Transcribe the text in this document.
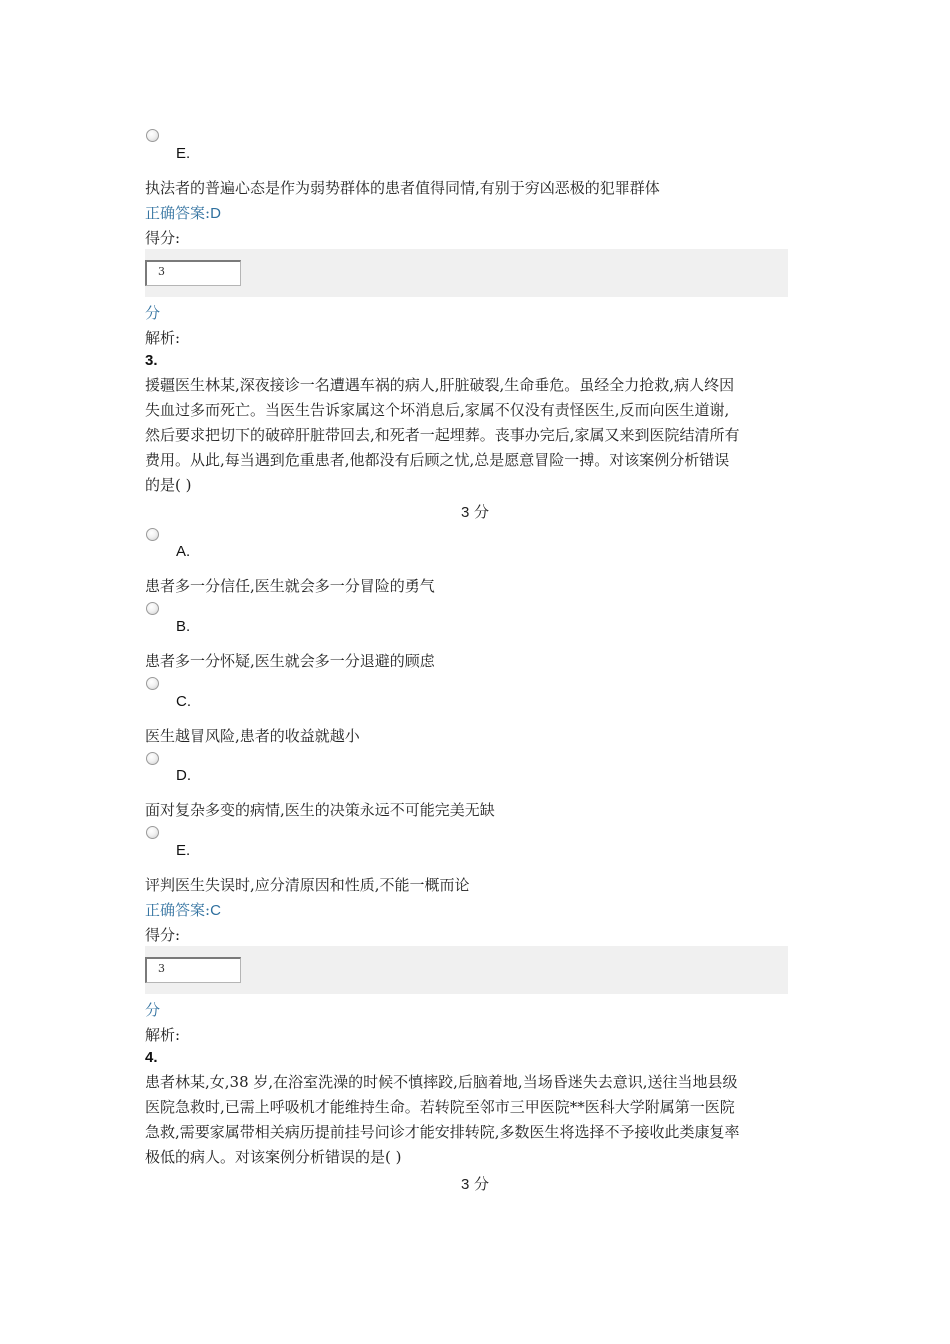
E.
执法者的普遍心态是作为弱势群体的患者值得同情,有别于穷凶恶极的犯罪群体
正确答案:D
得分:
3
分
解析:
3.
援疆医生林某,深夜接诊一名遭遇车祸的病人,肝脏破裂,生命垂危。虽经全力抢救,病人终因
失血过多而死亡。当医生告诉家属这个坏消息后,家属不仅没有责怪医生,反而向医生道谢,
然后要求把切下的破碎肝脏带回去,和死者一起埋葬。丧事办完后,家属又来到医院结清所有
费用。从此,每当遇到危重患者,他都没有后顾之忧,总是愿意冒险一搏。对该案例分析错误
的是( )
3 分
A.
患者多一分信任,医生就会多一分冒险的勇气
B.
患者多一分怀疑,医生就会多一分退避的顾虑
C.
医生越冒风险,患者的收益就越小
D.
面对复杂多变的病情,医生的决策永远不可能完美无缺
E.
评判医生失误时,应分清原因和性质,不能一概而论
正确答案:C
得分:
3
分
解析:
4.
患者林某,女,38 岁,在浴室洗澡的时候不慎摔跤,后脑着地,当场昏迷失去意识,送往当地县级
医院急救时,已需上呼吸机才能维持生命。若转院至邻市三甲医院**医科大学附属第一医院
急救,需要家属带相关病历提前挂号问诊才能安排转院,多数医生将选择不予接收此类康复率
极低的病人。对该案例分析错误的是( )
3 分
